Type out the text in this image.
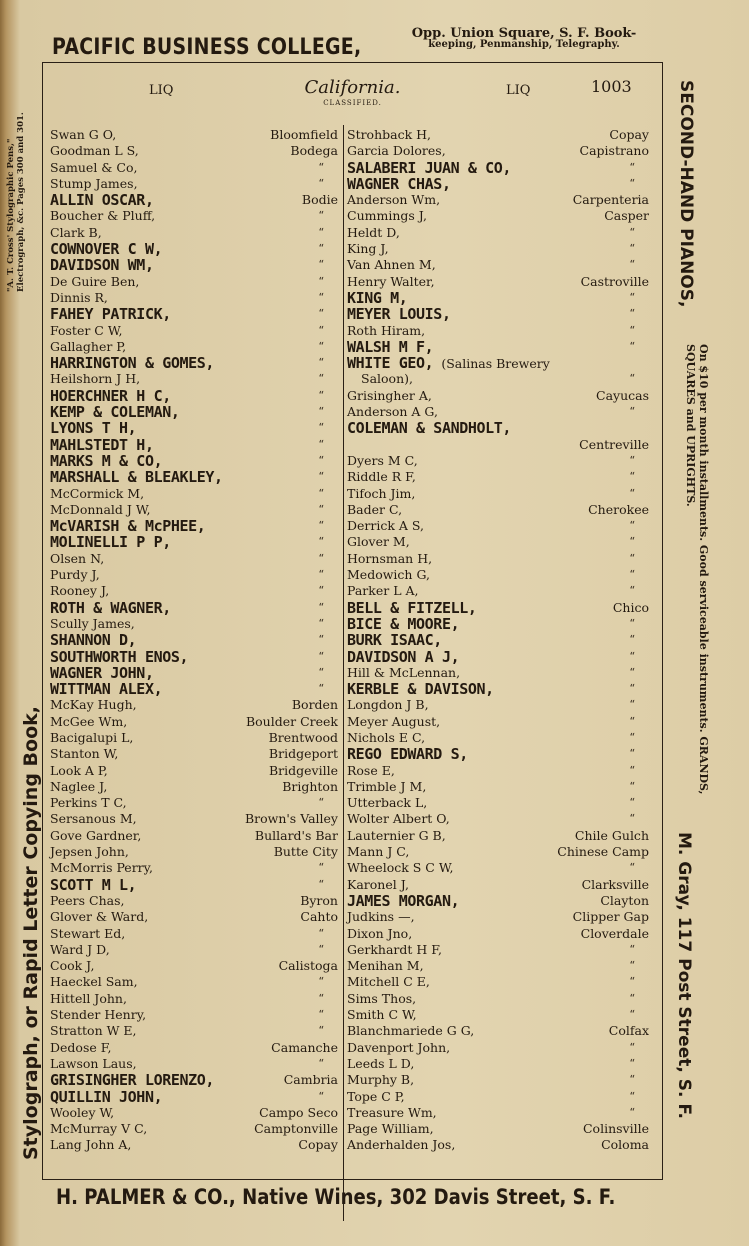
PACIFIC BUSINESS COLLEGE,
Opp. Union Square, S. F. Book-
keeping, Penmanship, Telegraphy.
Stylograph, or Rapid Letter Copying Book,
"A. T. Cross' Stylographic Pens," Electrograph, &c. Pages 300 and 301.
LIQ	California.
CLASSIFIED.
LIQ	1003
Swan G O,	Bloomfield
Goodman L S,	Bodega
Samuel & Co,	“
Stump James,	“
ALLIN OSCAR,	Bodie
Boucher & Pluff,	“
Clark B,	“
COWNOVER C W,	“
DAVIDSON WM,	“
De Guire Ben,	“
Dinnis R,	“
FAHEY PATRICK,	“
Foster C W,	“
Gallagher P,	“
HARRINGTON & GOMES,	“
Heilshorn J H,	“
HOERCHNER H C,	“
KEMP & COLEMAN,	“
LYONS T H,	“
MAHLSTEDT H,	“
MARKS M & CO,	“
MARSHALL & BLEAKLEY,	“
McCormick M,	“
McDonnald J W,	“
McVARISH & McPHEE,	“
MOLINELLI P P,	“
Olsen N,	“
Purdy J,	“
Rooney J,	“
ROTH & WAGNER,	“
Scully James,	“
SHANNON D,	“
SOUTHWORTH ENOS,	“
WAGNER JOHN,	“
WITTMAN ALEX,	“
McKay Hugh,	Borden
McGee Wm,	Boulder Creek
Bacigalupi L,	Brentwood
Stanton W,	Bridgeport
Look A P,	Bridgeville
Naglee J,	Brighton
Perkins T C,	“
Sersanous M,	Brown's Valley
Gove Gardner,	Bullard's Bar
Jepsen John,	Butte City
McMorris Perry,	“
SCOTT M L,	“
Peers Chas,	Byron
Glover & Ward,	Cahto
Stewart Ed,	“
Ward J D,	“
Cook J,	Calistoga
Haeckel Sam,	“
Hittell John,	“
Stender Henry,	“
Stratton W E,	“
Dedose F,	Camanche
Lawson Laus,	“
GRISINGHER LORENZO,	Cambria
QUILLIN JOHN,	“
Wooley W,	Campo Seco
McMurray V C,	Camptonville
Lang John A,	Copay
Strohback H,	Copay
Garcia Dolores,	Capistrano
SALABERI JUAN & CO,	“
WAGNER CHAS,	“
Anderson Wm,	Carpenteria
Cummings J,	Casper
Heldt D,	“
King J,	“
Van Ahnen M,	“
Henry Walter,	Castroville
KING M,	“
MEYER LOUIS,	“
Roth Hiram,	“
WALSH M F,	“
WHITE GEO, (Salinas Brewery
Saloon),	“
Grisingher A,	Cayucas
Anderson A G,	“
COLEMAN & SANDHOLT,
Centreville
Dyers M C,	“
Riddle R F,	“
Tifoch Jim,	“
Bader C,	Cherokee
Derrick A S,	“
Glover M,	“
Hornsman H,	“
Medowich G,	“
Parker L A,	“
BELL & FITZELL,	Chico
BICE & MOORE,	“
BURK ISAAC,	“
DAVIDSON A J,	“
Hill & McLennan,	“
KERBLE & DAVISON,	“
Longdon J B,	“
Meyer August,	“
Nichols E C,	“
REGO EDWARD S,	“
Rose E,	“
Trimble J M,	“
Utterback L,	“
Wolter Albert O,	“
Lauternier G B,	Chile Gulch
Mann J C,	Chinese Camp
Wheelock S C W,	“
Karonel J,	Clarksville
JAMES MORGAN,	Clayton
Judkins —,	Clipper Gap
Dixon Jno,	Cloverdale
Gerkhardt H F,	“
Menihan M,	“
Mitchell C E,	“
Sims Thos,	“
Smith C W,	“
Blanchmariede G G,	Colfax
Davenport John,	“
Leeds L D,	“
Murphy B,	“
Tope C P,	“
Treasure Wm,	“
Page William,	Colinsville
Anderhalden Jos,	Coloma
SECOND-HAND PIANOS,
On $10 per month installments. Good serviceable instruments. GRANDS, SQUARES and UPRIGHTS.
M. Gray, 117 Post Street, S. F.
H. PALMER & CO., Native Wines, 302 Davis Street, S. F.
